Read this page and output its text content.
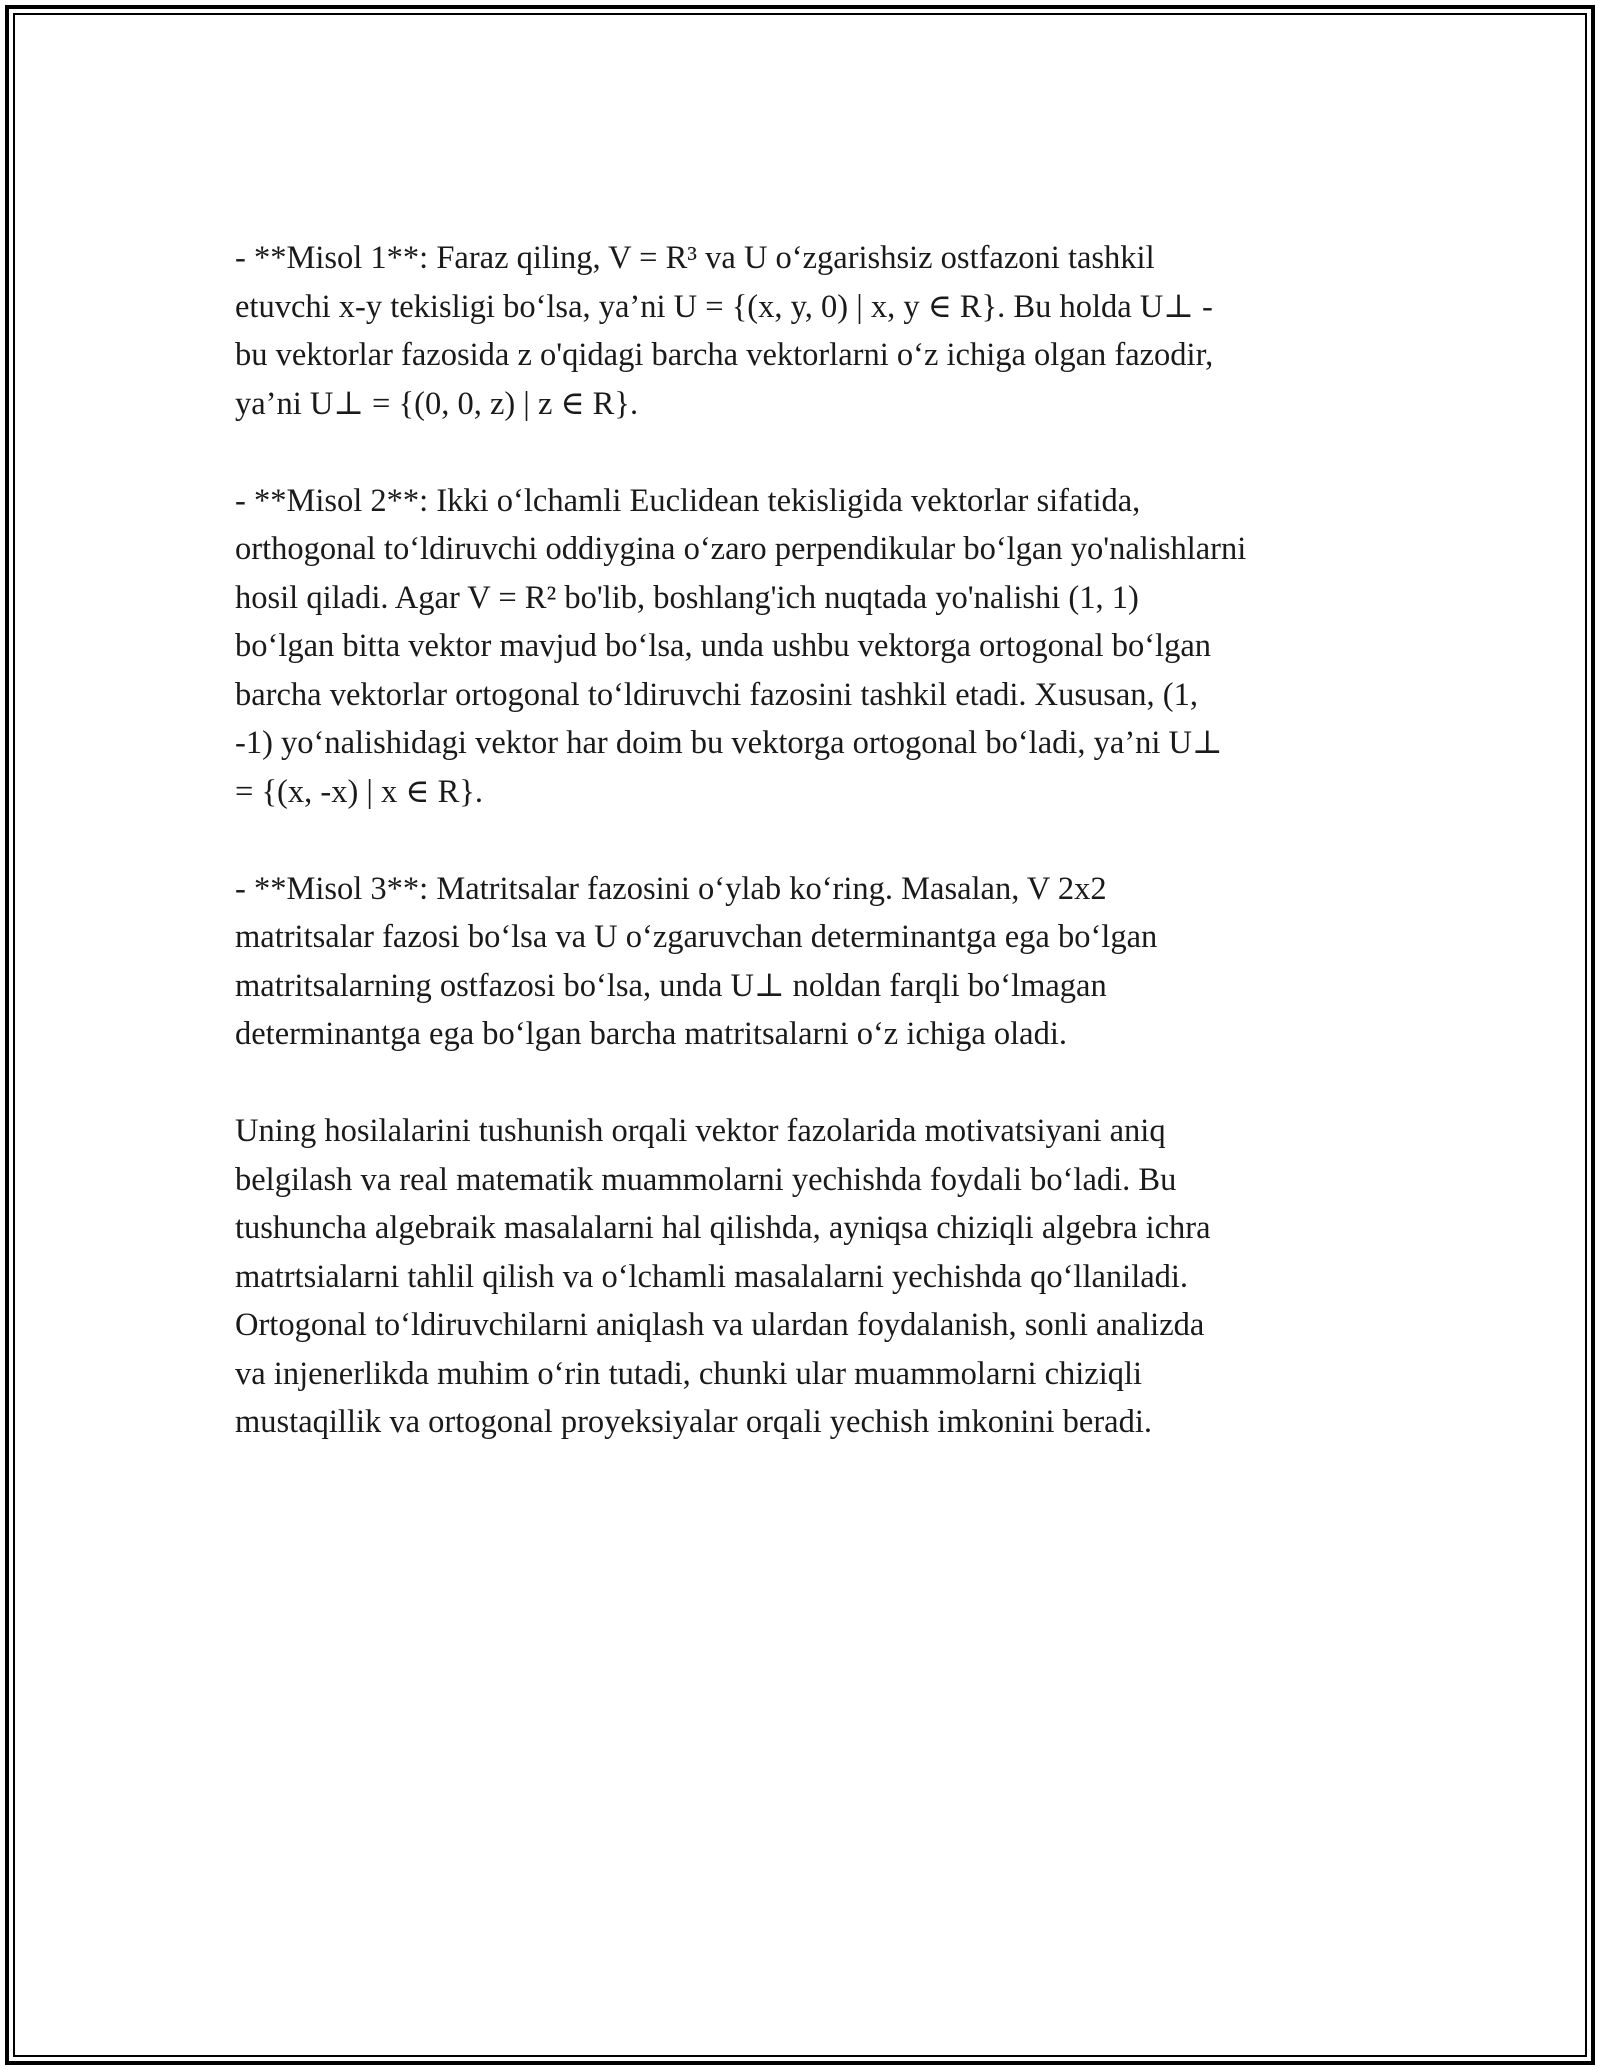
- **Misol 1**: Faraz qiling, V = R³ va U o‘zgarishsiz ostfazoni tashkil
etuvchi x-y tekisligi bo‘lsa, ya’ni U = {(x, y, 0) | x, y ∈ R}. Bu holda U⊥ -
bu vektorlar fazosida z o'qidagi barcha vektorlarni o‘z ichiga olgan fazodir,
ya’ni U⊥ = {(0, 0, z) | z ∈ R}.

- **Misol 2**: Ikki o‘lchamli Euclidean tekisligida vektorlar sifatida,
orthogonal to‘ldiruvchi oddiygina o‘zaro perpendikular bo‘lgan yo'nalishlarni
hosil qiladi. Agar V = R² bo'lib, boshlang'ich nuqtada yo'nalishi (1, 1)
bo‘lgan bitta vektor mavjud bo‘lsa, unda ushbu vektorga ortogonal bo‘lgan
barcha vektorlar ortogonal to‘ldiruvchi fazosini tashkil etadi. Xususan, (1,
-1) yo‘nalishidagi vektor har doim bu vektorga ortogonal bo‘ladi, ya’ni U⊥
= {(x, -x) | x ∈ R}.

- **Misol 3**: Matritsalar fazosini o‘ylab ko‘ring. Masalan, V 2x2
matritsalar fazosi bo‘lsa va U o‘zgaruvchan determinantga ega bo‘lgan
matritsalarning ostfazosi bo‘lsa, unda U⊥ noldan farqli bo‘lmagan
determinantga ega bo‘lgan barcha matritsalarni o‘z ichiga oladi.

Uning hosilalarini tushunish orqali vektor fazolarida motivatsiyani aniq
belgilash va real matematik muammolarni yechishda foydali bo‘ladi. Bu
tushuncha algebraik masalalarni hal qilishda, ayniqsa chiziqli algebra ichra
matrtsialarni tahlil qilish va o‘lchamli masalalarni yechishda qo‘llaniladi.
Ortogonal to‘ldiruvchilarni aniqlash va ulardan foydalanish, sonli analizda
va injenerlikda muhim o‘rin tutadi, chunki ular muammolarni chiziqli
mustaqillik va ortogonal proyeksiyalar orqali yechish imkonini beradi.
